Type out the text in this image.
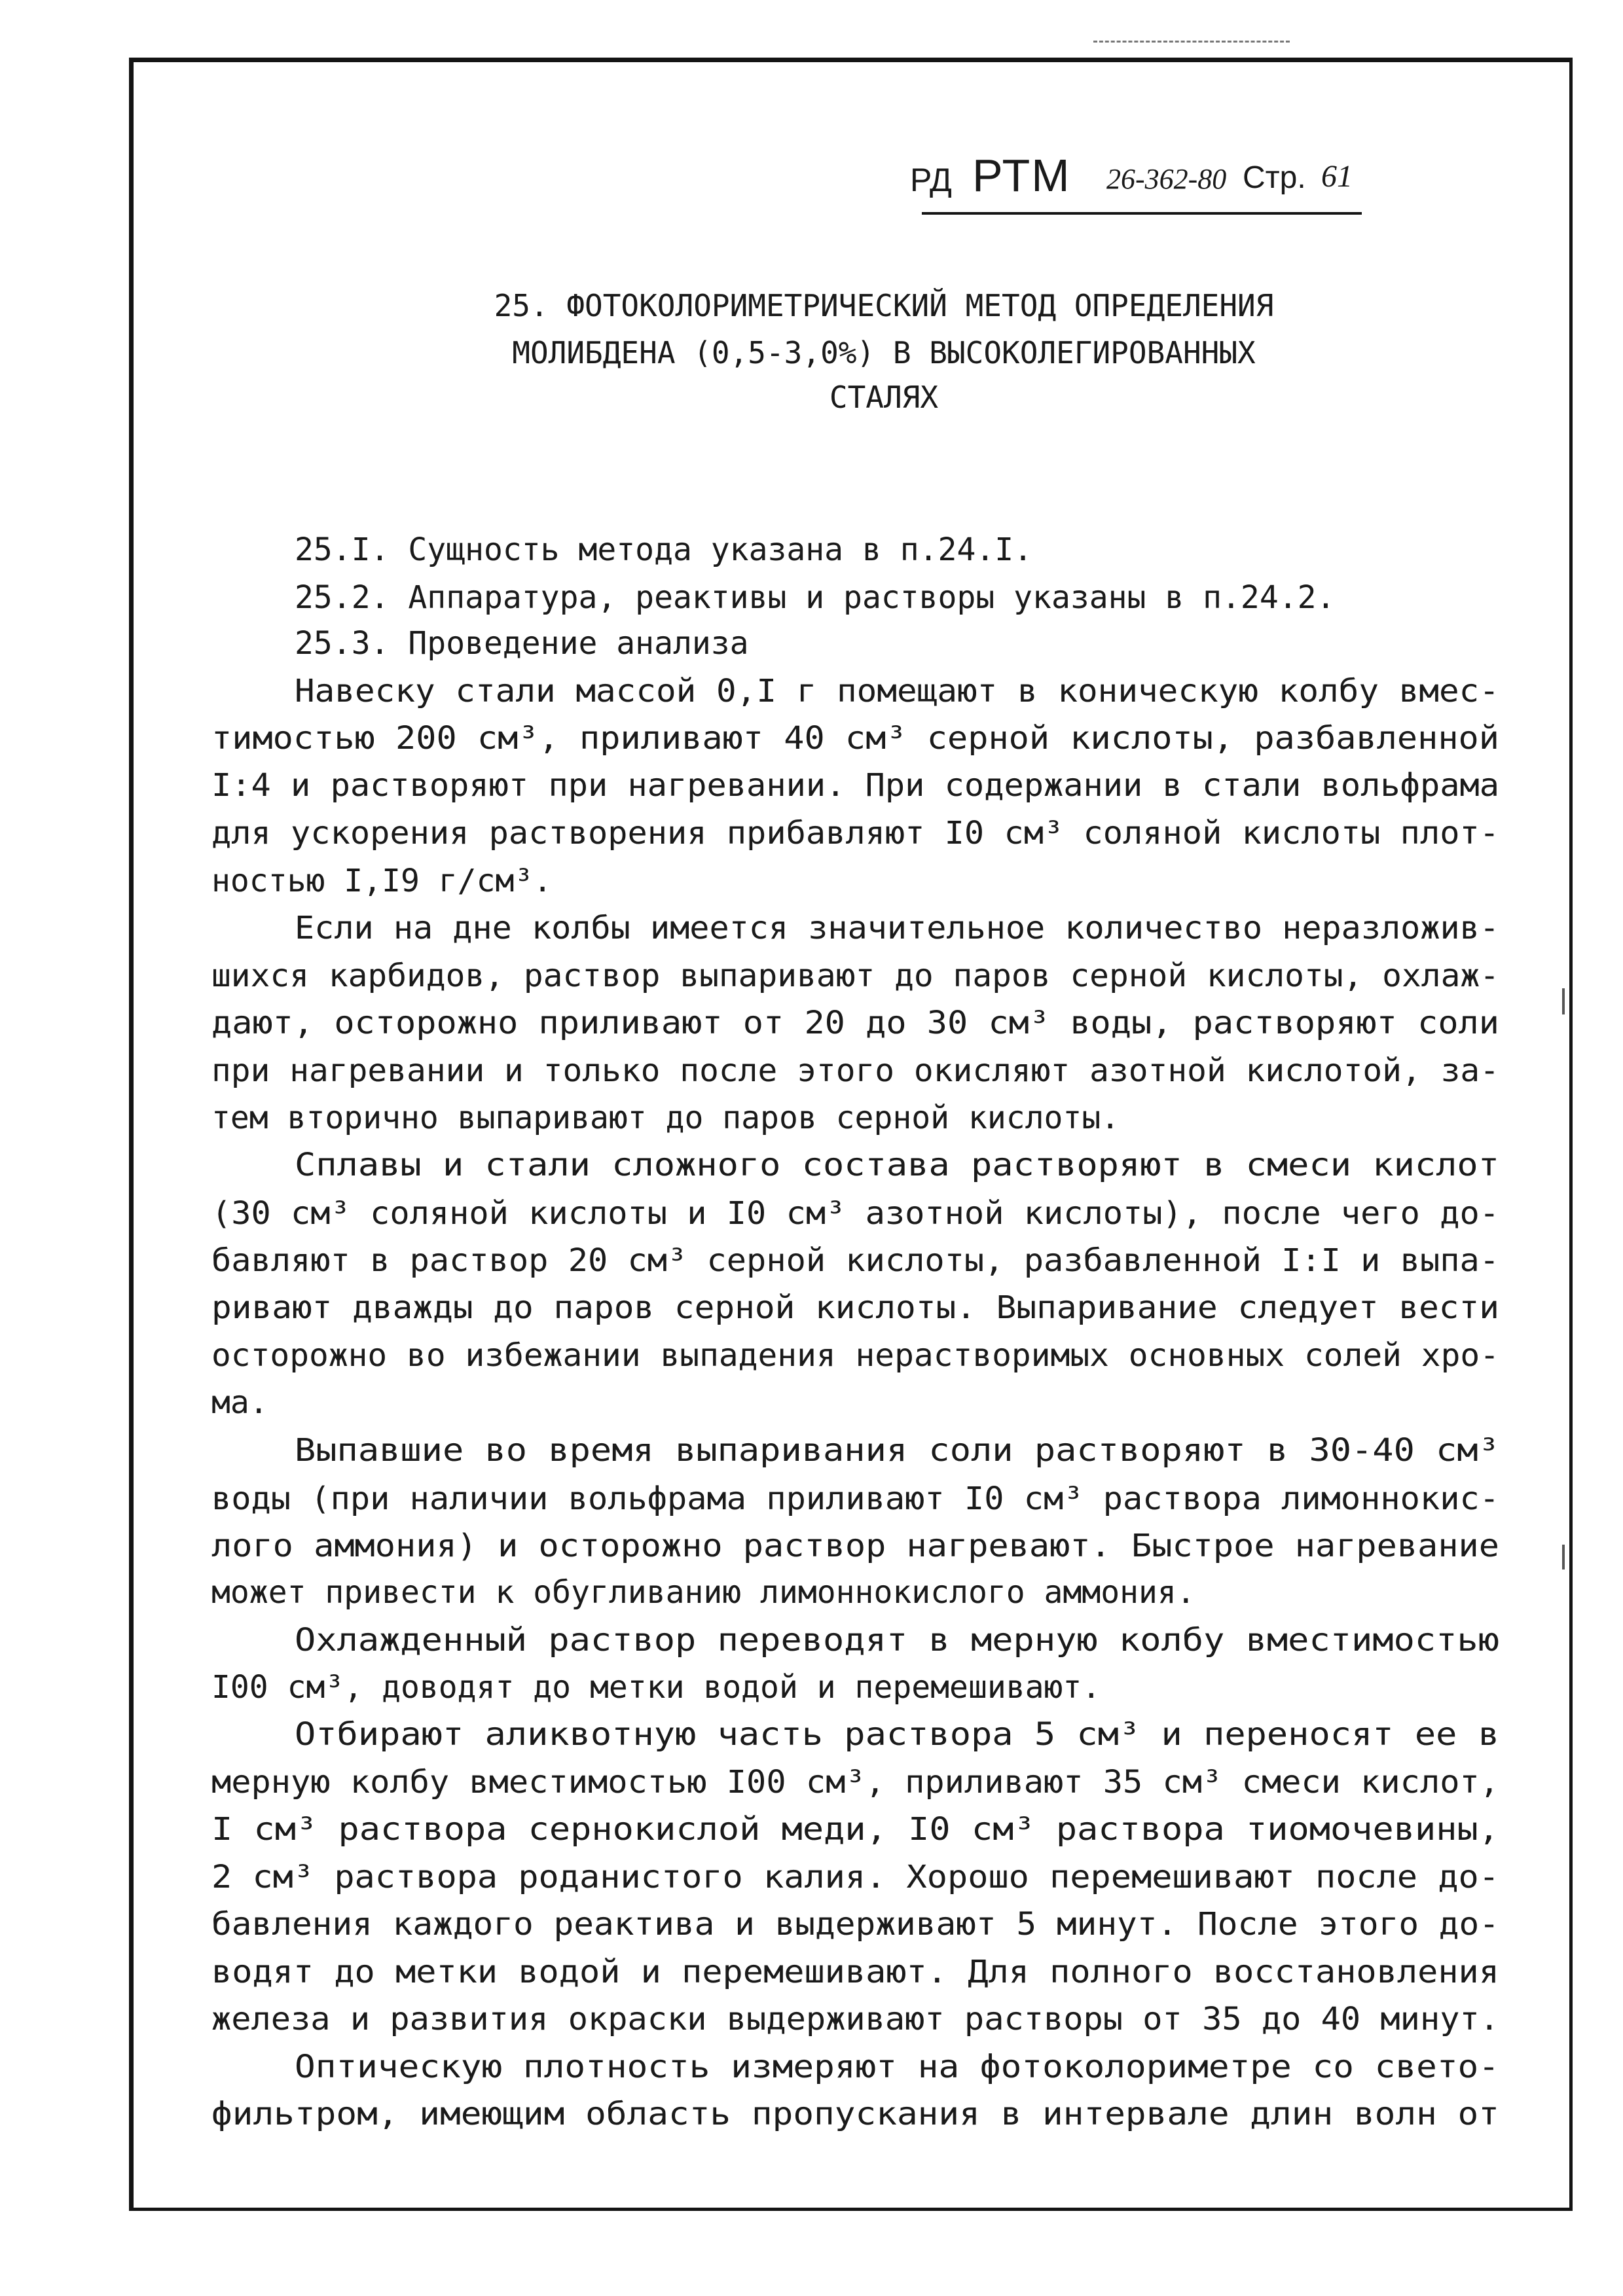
РД РТМ 26-362-80 Стр. 61
25. ФОТОКОЛОРИМЕТРИЧЕСКИЙ МЕТОД ОПРЕДЕЛЕНИЯ
МОЛИБДЕНА (0,5-3,0%) В ВЫСОКОЛЕГИРОВАННЫХ
СТАЛЯХ
25.I. Сущность метода указана в п.24.I.
25.2. Аппаратура, реактивы и растворы указаны в п.24.2.
25.3. Проведение анализа
Навеску стали массой 0,I г помещают в коническую колбу вмес-
тимостью 200 см³, приливают 40 см³ серной кислоты, разбавленной
I:4 и растворяют при нагревании. При содержании в стали вольфрама
для ускорения растворения прибавляют I0 см³ соляной кислоты плот-
ностью I,I9 г/см³.
Если на дне колбы имеется значительное количество неразложив-
шихся карбидов, раствор выпаривают до паров серной кислоты, охлаж-
дают, осторожно приливают от 20 до 30 см³ воды, растворяют соли
при нагревании и только после этого окисляют азотной кислотой, за-
тем вторично выпаривают до паров серной кислоты.
Сплавы и стали сложного состава растворяют в смеси кислот
(30 см³ соляной кислоты и I0 см³ азотной кислоты), после чего до-
бавляют в раствор 20 см³ серной кислоты, разбавленной I:I и выпа-
ривают дважды до паров серной кислоты. Выпаривание следует вести
осторожно во избежании выпадения нерастворимых основных солей хро-
ма.
Выпавшие во время выпаривания соли растворяют в 30-40 см³
воды (при наличии вольфрама приливают I0 см³ раствора лимоннокис-
лого аммония) и осторожно раствор нагревают. Быстрое нагревание
может привести к обугливанию лимоннокислого аммония.
Охлажденный раствор переводят в мерную колбу вместимостью
I00 см³, доводят до метки водой и перемешивают.
Отбирают аликвотную часть раствора 5 см³ и переносят ее в
мерную колбу вместимостью I00 см³, приливают 35 см³ смеси кислот,
I см³ раствора сернокислой меди, I0 см³ раствора тиомочевины,
2 см³ раствора роданистого калия. Хорошо перемешивают после до-
бавления каждого реактива и выдерживают 5 минут. После этого до-
водят до метки водой и перемешивают. Для полного восстановления
железа и развития окраски выдерживают растворы от 35 до 40 минут.
Оптическую плотность измеряют на фотоколориметре со свето-
фильтром, имеющим область пропускания в интервале длин волн от
